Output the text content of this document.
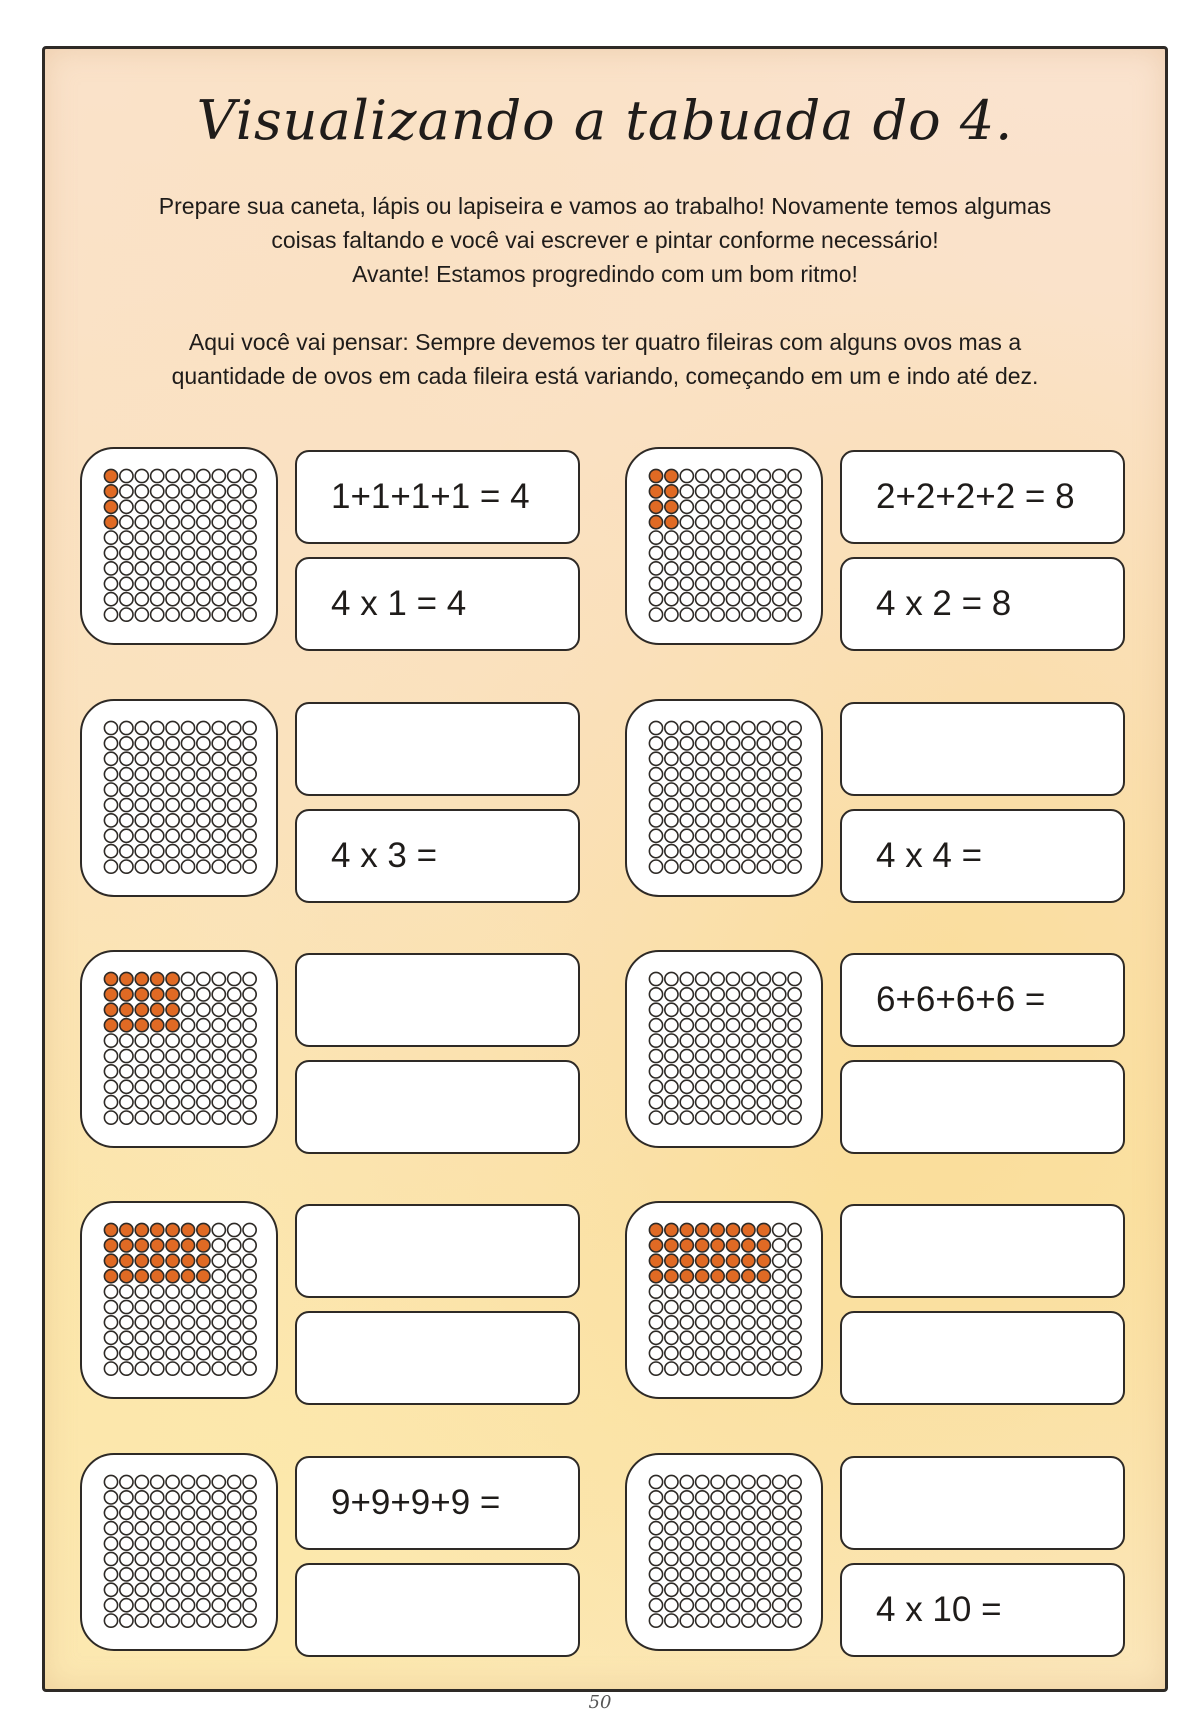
Visualizando a tabuada do 4.

Prepare sua caneta, lápis ou lapiseira e vamos ao trabalho! Novamente temos algumas
coisas faltando e você vai escrever e pintar conforme necessário!
Avante! Estamos progredindo com um bom ritmo!

Aqui você vai pensar: Sempre devemos ter quatro fileiras com alguns ovos mas a
quantidade de ovos em cada fileira está variando, começando em um e indo até dez.

1+1+1+1 = 4
4 x 1 = 4
2+2+2+2 = 8
4 x 2 = 8
4 x 3 =	4 x 4 =
6+6+6+6 =
9+9+9+9 =
4 x 10 =
50
